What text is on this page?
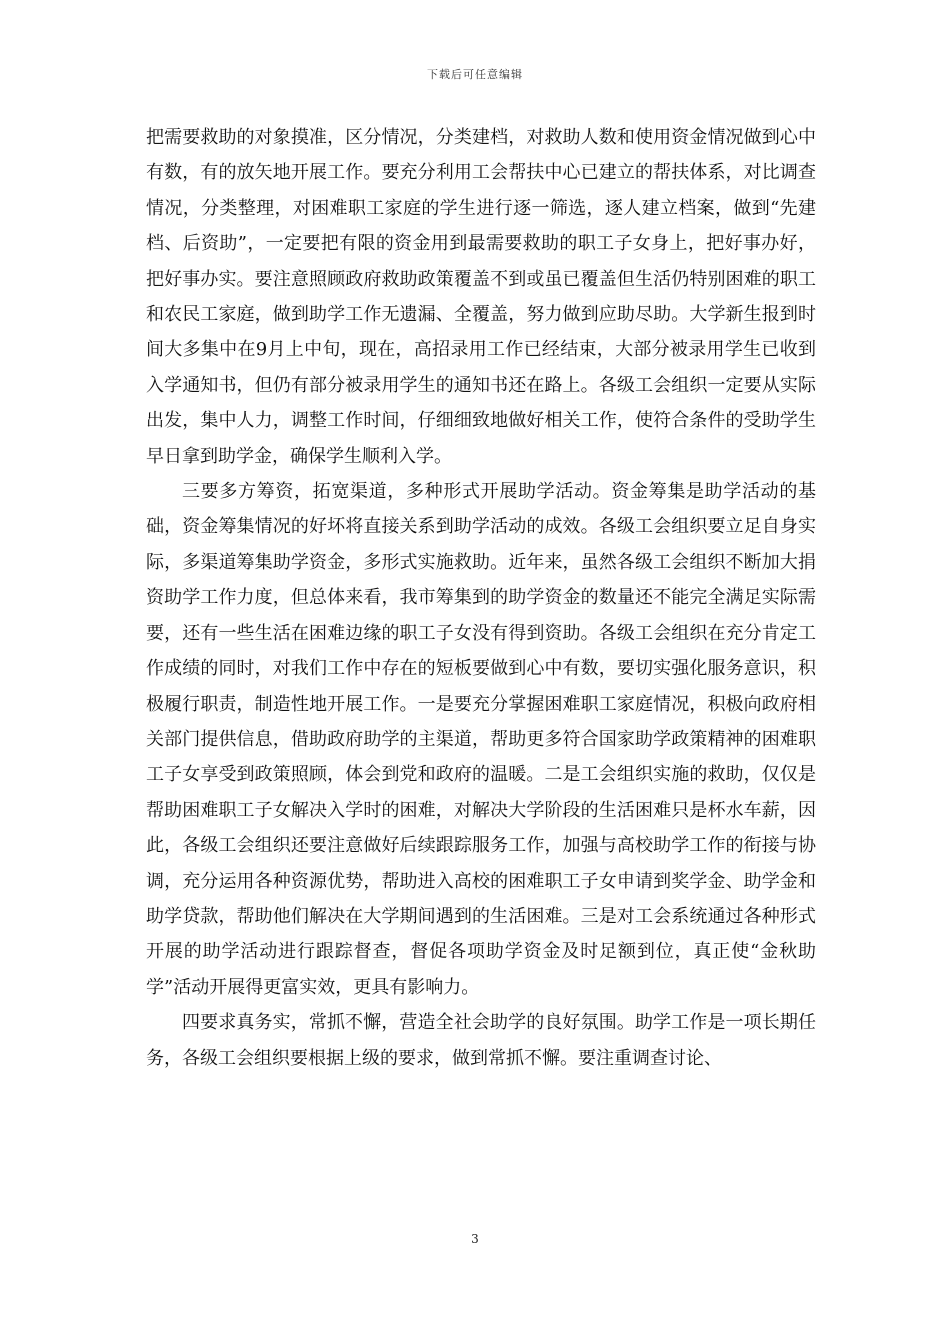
下载后可任意编辑

把需要救助的对象摸准，区分情况，分类建档，对救助人数和使用资金情况做到心中有数，有的放矢地开展工作。要充分利用工会帮扶中心已建立的帮扶体系，对比调查情况，分类整理，对困难职工家庭的学生进行逐一筛选，逐人建立档案，做到“先建档、后资助”，一定要把有限的资金用到最需要救助的职工子女身上，把好事办好，把好事办实。要注意照顾政府救助政策覆盖不到或虽已覆盖但生活仍特别困难的职工和农民工家庭，做到助学工作无遗漏、全覆盖，努力做到应助尽助。大学新生报到时间大多集中在9月上中旬，现在，高招录用工作已经结束，大部分被录用学生已收到入学通知书，但仍有部分被录用学生的通知书还在路上。各级工会组织一定要从实际出发，集中人力，调整工作时间，仔细细致地做好相关工作，使符合条件的受助学生早日拿到助学金，确保学生顺利入学。

三要多方筹资，拓宽渠道，多种形式开展助学活动。资金筹集是助学活动的基础，资金筹集情况的好坏将直接关系到助学活动的成效。各级工会组织要立足自身实际，多渠道筹集助学资金，多形式实施救助。近年来，虽然各级工会组织不断加大捐资助学工作力度，但总体来看，我市筹集到的助学资金的数量还不能完全满足实际需要，还有一些生活在困难边缘的职工子女没有得到资助。各级工会组织在充分肯定工作成绩的同时，对我们工作中存在的短板要做到心中有数，要切实强化服务意识，积极履行职责，制造性地开展工作。一是要充分掌握困难职工家庭情况，积极向政府相关部门提供信息，借助政府助学的主渠道，帮助更多符合国家助学政策精神的困难职工子女享受到政策照顾，体会到党和政府的温暖。二是工会组织实施的救助，仅仅是帮助困难职工子女解决入学时的困难，对解决大学阶段的生活困难只是杯水车薪，因此，各级工会组织还要注意做好后续跟踪服务工作，加强与高校助学工作的衔接与协调，充分运用各种资源优势，帮助进入高校的困难职工子女申请到奖学金、助学金和助学贷款，帮助他们解决在大学期间遇到的生活困难。三是对工会系统通过各种形式开展的助学活动进行跟踪督查，督促各项助学资金及时足额到位，真正使“金秋助学”活动开展得更富实效，更具有影响力。

四要求真务实，常抓不懈，营造全社会助学的良好氛围。助学工作是一项长期任务，各级工会组织要根据上级的要求，做到常抓不懈。要注重调查讨论、

3
